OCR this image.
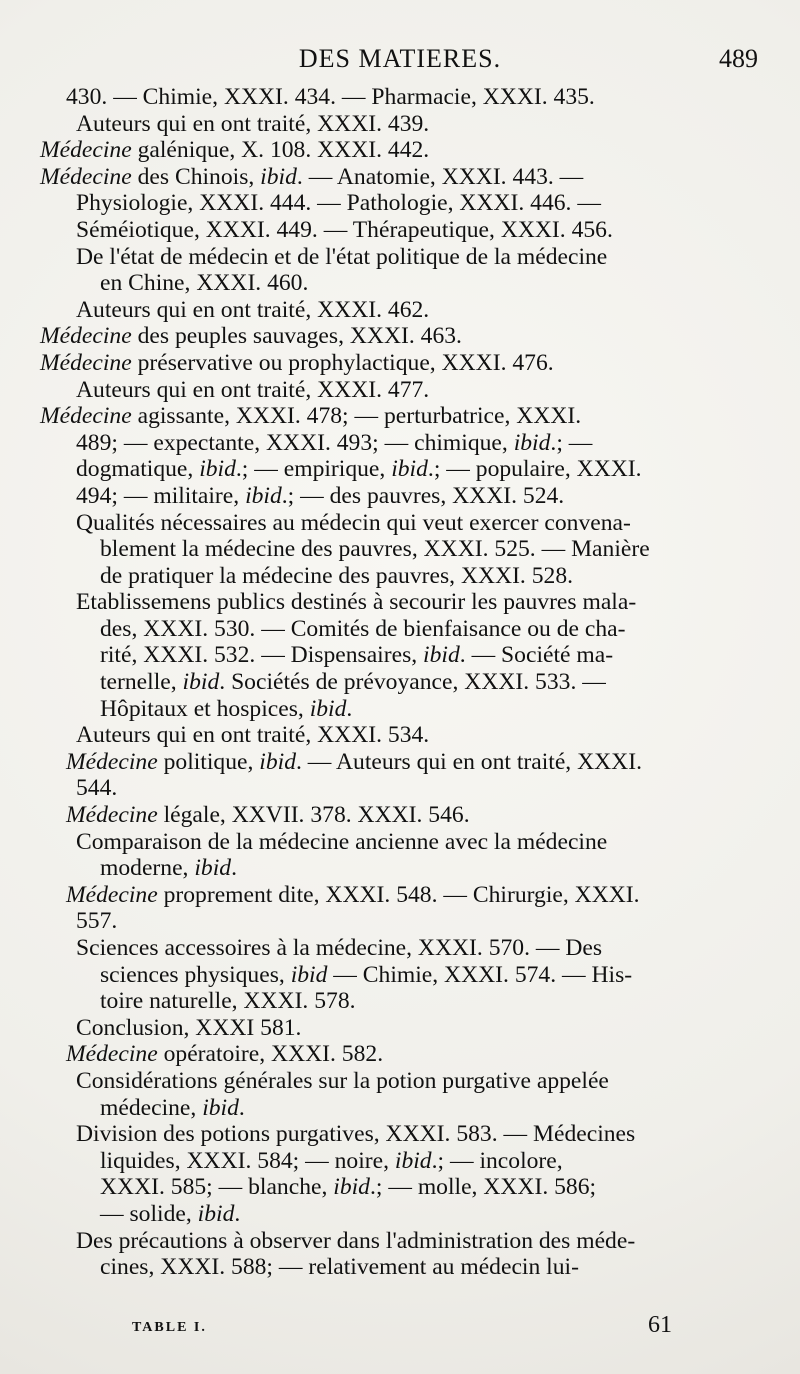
DES MATIERES.	489
430. — Chimie, XXXI. 434. — Pharmacie, XXXI. 435.
Auteurs qui en ont traité, XXXI. 439.
Médecine galénique, X. 108. XXXI. 442.
Médecine des Chinois, ibid. — Anatomie, XXXI. 443. —
Physiologie, XXXI. 444. — Pathologie, XXXI. 446. —
Séméiotique, XXXI. 449. — Thérapeutique, XXXI. 456.
De l'état de médecin et de l'état politique de la médecine
en Chine, XXXI. 460.
Auteurs qui en ont traité, XXXI. 462.
Médecine des peuples sauvages, XXXI. 463.
Médecine préservative ou prophylactique, XXXI. 476.
Auteurs qui en ont traité, XXXI. 477.
Médecine agissante, XXXI. 478; — perturbatrice, XXXI.
489; — expectante, XXXI. 493; — chimique, ibid.; —
dogmatique, ibid.; — empirique, ibid.; — populaire, XXXI.
494; — militaire, ibid.; — des pauvres, XXXI. 524.
Qualités nécessaires au médecin qui veut exercer convena-
blement la médecine des pauvres, XXXI. 525. — Manière
de pratiquer la médecine des pauvres, XXXI. 528.
Etablissemens publics destinés à secourir les pauvres mala-
des, XXXI. 530. — Comités de bienfaisance ou de cha-
rité, XXXI. 532. — Dispensaires, ibid. — Société ma-
ternelle, ibid. Sociétés de prévoyance, XXXI. 533. —
Hôpitaux et hospices, ibid.
Auteurs qui en ont traité, XXXI. 534.
Médecine politique, ibid. — Auteurs qui en ont traité, XXXI.
544.
Médecine légale, XXVII. 378. XXXI. 546.
Comparaison de la médecine ancienne avec la médecine
moderne, ibid.
Médecine proprement dite, XXXI. 548. — Chirurgie, XXXI.
557.
Sciences accessoires à la médecine, XXXI. 570. — Des
sciences physiques, ibid — Chimie, XXXI. 574. — His-
toire naturelle, XXXI. 578.
Conclusion, XXXI 581.
Médecine opératoire, XXXI. 582.
Considérations générales sur la potion purgative appelée
médecine, ibid.
Division des potions purgatives, XXXI. 583. — Médecines
liquides, XXXI. 584; — noire, ibid.; — incolore,
XXXI. 585; — blanche, ibid.; — molle, XXXI. 586;
— solide, ibid.
Des précautions à observer dans l'administration des méde-
cines, XXXI. 588; — relativement au médecin lui-
TABLE I.	61
